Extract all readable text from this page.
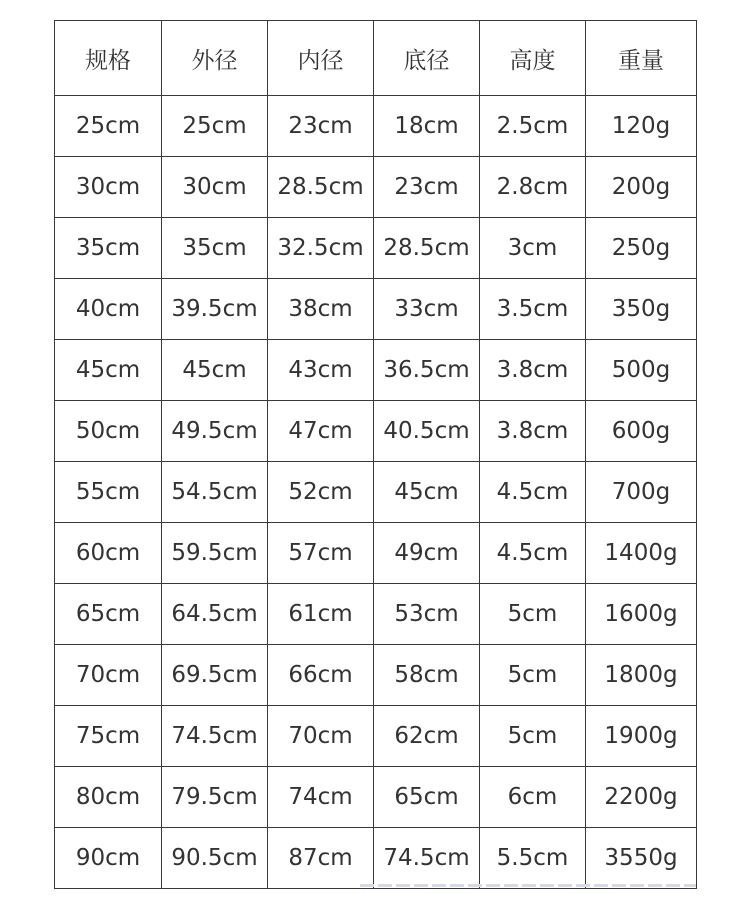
规格	外径	内径	底径	高度	重量
25cm	25cm	23cm	18cm	2.5cm	120g
30cm	30cm	28.5cm	23cm	2.8cm	200g
35cm	35cm	32.5cm	28.5cm	3cm	250g
40cm	39.5cm	38cm	33cm	3.5cm	350g
45cm	45cm	43cm	36.5cm	3.8cm	500g
50cm	49.5cm	47cm	40.5cm	3.8cm	600g
55cm	54.5cm	52cm	45cm	4.5cm	700g
60cm	59.5cm	57cm	49cm	4.5cm	1400g
65cm	64.5cm	61cm	53cm	5cm	1600g
70cm	69.5cm	66cm	58cm	5cm	1800g
75cm	74.5cm	70cm	62cm	5cm	1900g
80cm	79.5cm	74cm	65cm	6cm	2200g
90cm	90.5cm	87cm	74.5cm	5.5cm	3550g
